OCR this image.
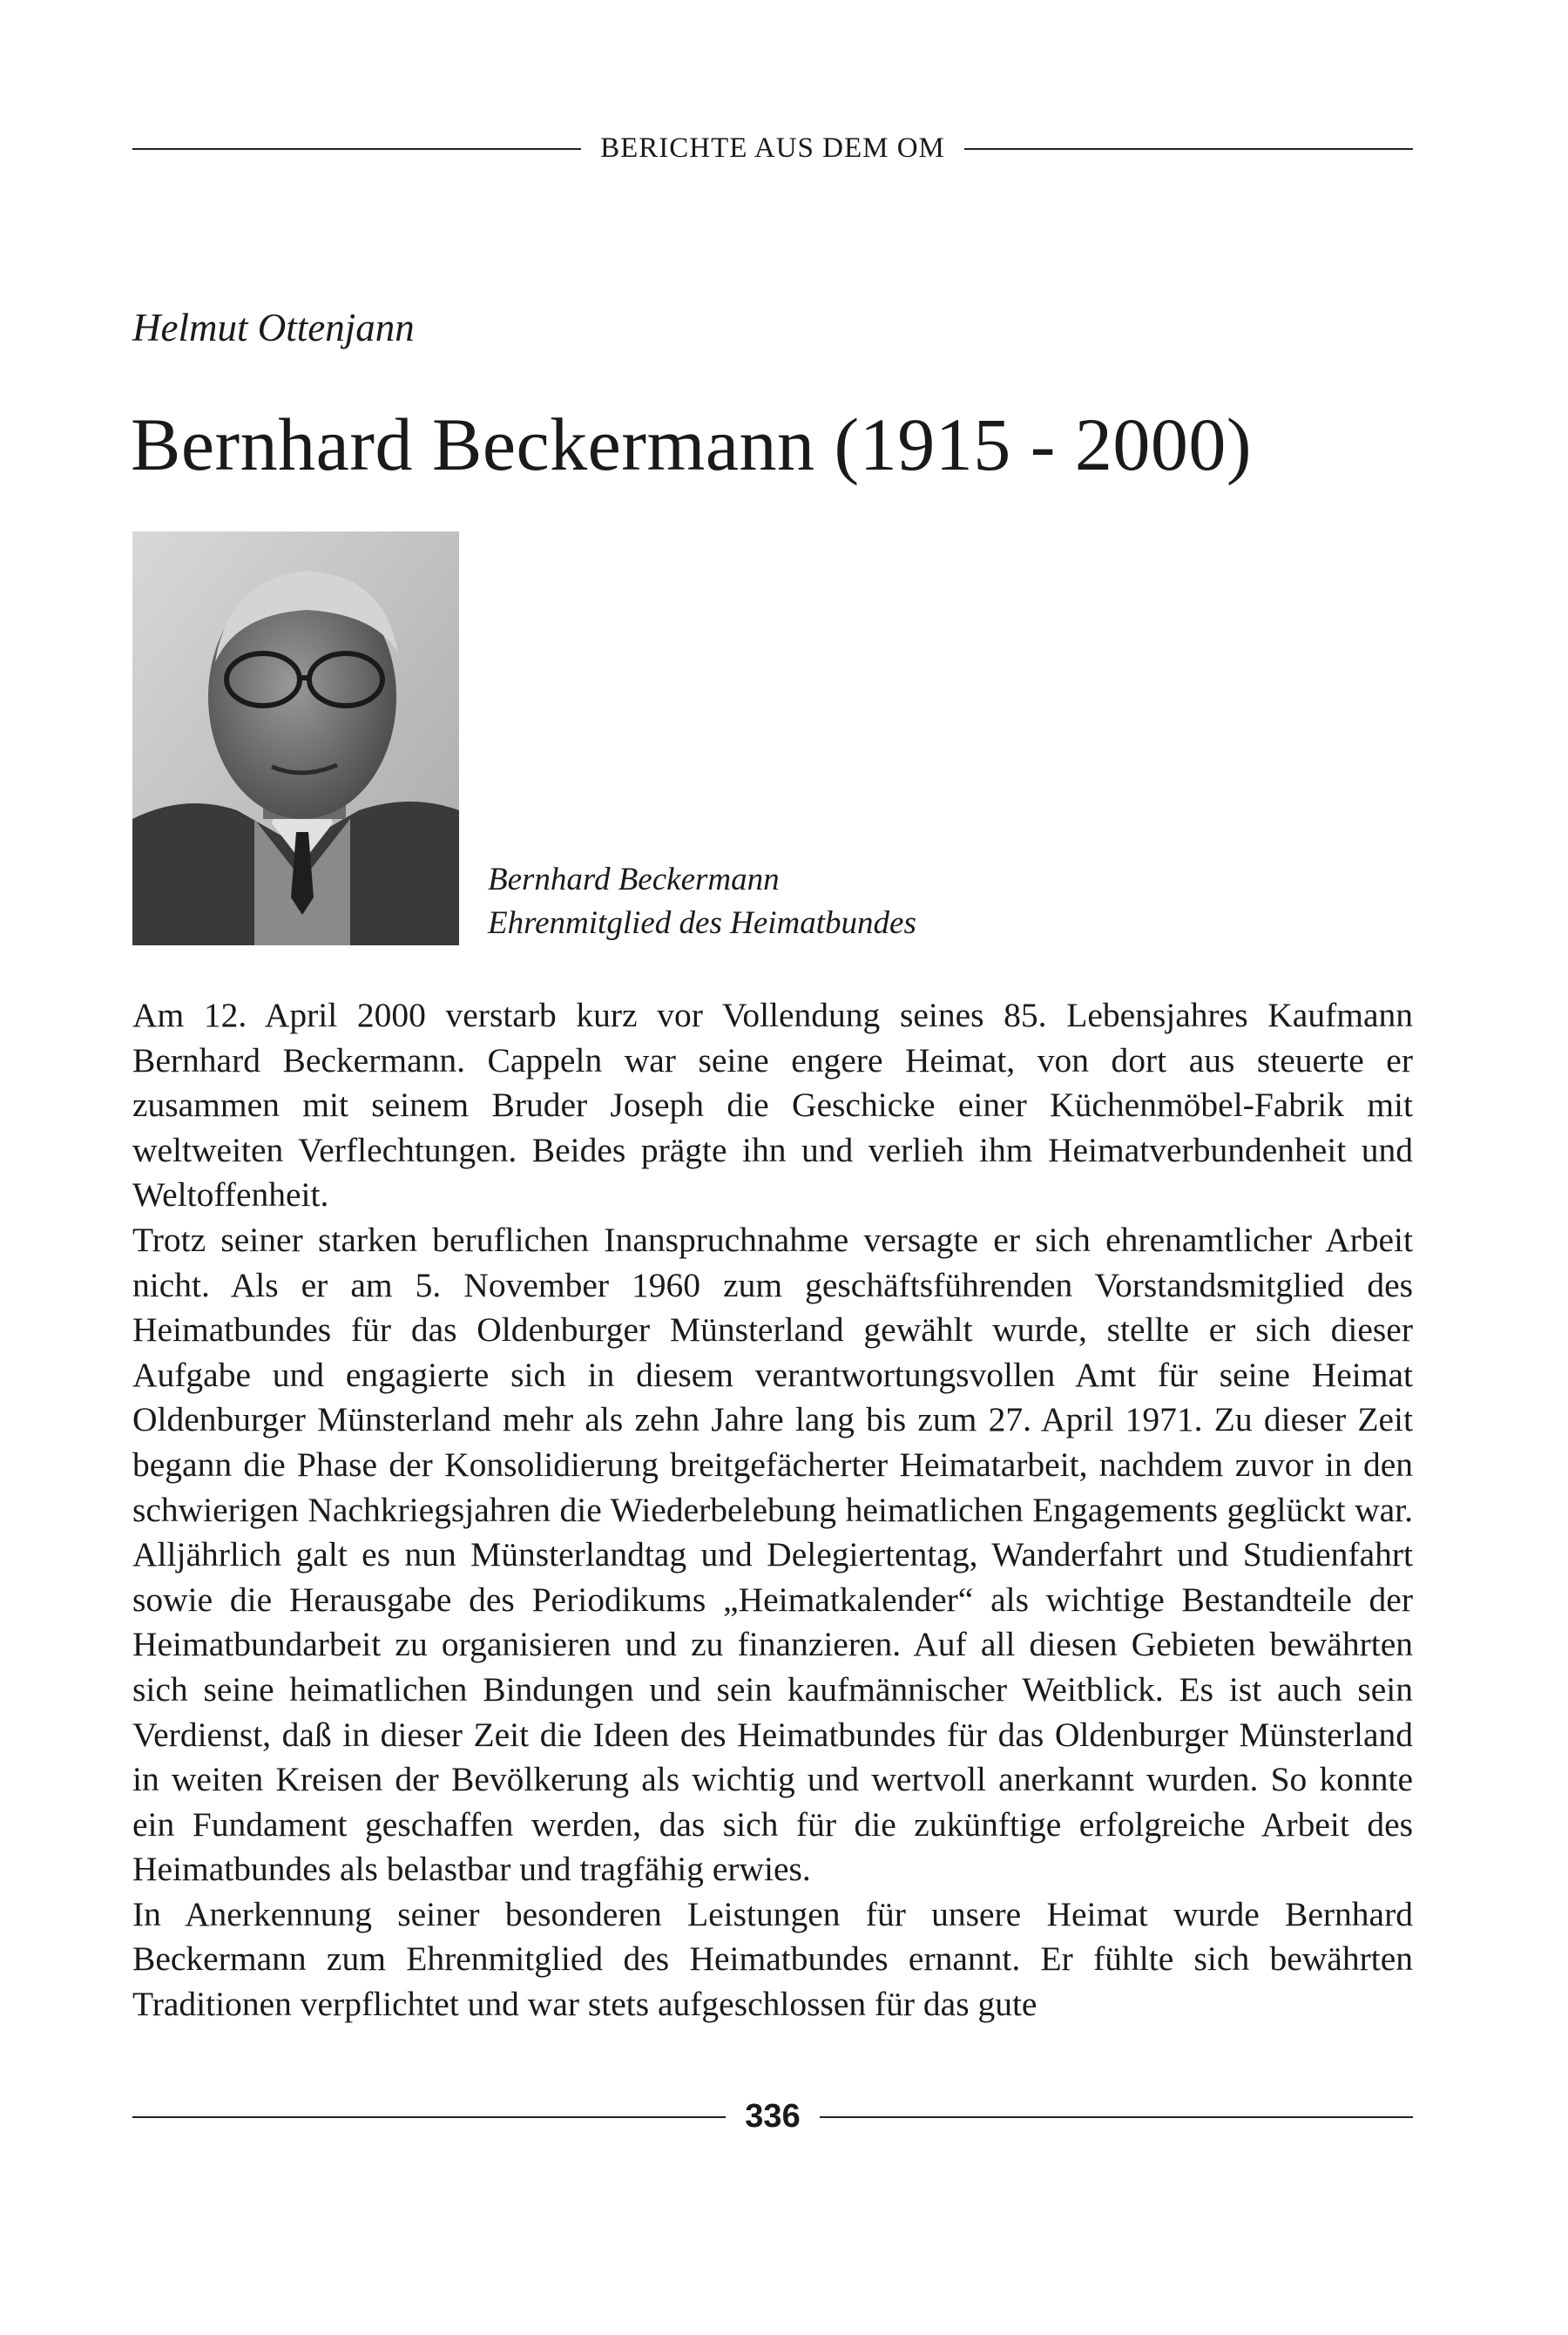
BERICHTE AUS DEM OM
Helmut Ottenjann
Bernhard Beckermann (1915 - 2000)
Bernhard Beckermann
Ehrenmitglied des Heimatbundes

Am 12. April 2000 verstarb kurz vor Vollendung seines 85. Lebensjahres Kaufmann Bernhard Beckermann. Cappeln war seine engere Heimat, von dort aus steuerte er zusammen mit seinem Bruder Joseph die Geschicke einer Küchenmöbel-Fabrik mit weltweiten Verflechtungen. Beides prägte ihn und verlieh ihm Heimatverbundenheit und Weltoffenheit.

Trotz seiner starken beruflichen Inanspruchnahme versagte er sich ehrenamtlicher Arbeit nicht. Als er am 5. November 1960 zum geschäftsführenden Vorstandsmitglied des Heimatbundes für das Oldenburger Münsterland gewählt wurde, stellte er sich dieser Aufgabe und engagierte sich in diesem verantwortungsvollen Amt für seine Heimat Oldenburger Münsterland mehr als zehn Jahre lang bis zum 27. April 1971. Zu dieser Zeit begann die Phase der Konsolidierung breitgefächerter Heimatarbeit, nachdem zuvor in den schwierigen Nachkriegsjahren die Wiederbelebung heimatlichen Engagements geglückt war. Alljährlich galt es nun Münsterlandtag und Delegiertentag, Wanderfahrt und Studienfahrt sowie die Herausgabe des Periodikums „Heimatkalender“ als wichtige Bestandteile der Heimatbundarbeit zu organisieren und zu finanzieren. Auf all diesen Gebieten bewährten sich seine heimatlichen Bindungen und sein kaufmännischer Weitblick. Es ist auch sein Verdienst, daß in dieser Zeit die Ideen des Heimatbundes für das Oldenburger Münsterland in weiten Kreisen der Bevölkerung als wichtig und wertvoll anerkannt wurden. So konnte ein Fundament geschaffen werden, das sich für die zukünftige erfolgreiche Arbeit des Heimatbundes als belastbar und tragfähig erwies.

In Anerkennung seiner besonderen Leistungen für unsere Heimat wurde Bernhard Beckermann zum Ehrenmitglied des Heimatbundes ernannt. Er fühlte sich bewährten Traditionen verpflichtet und war stets aufgeschlossen für das gute

336
